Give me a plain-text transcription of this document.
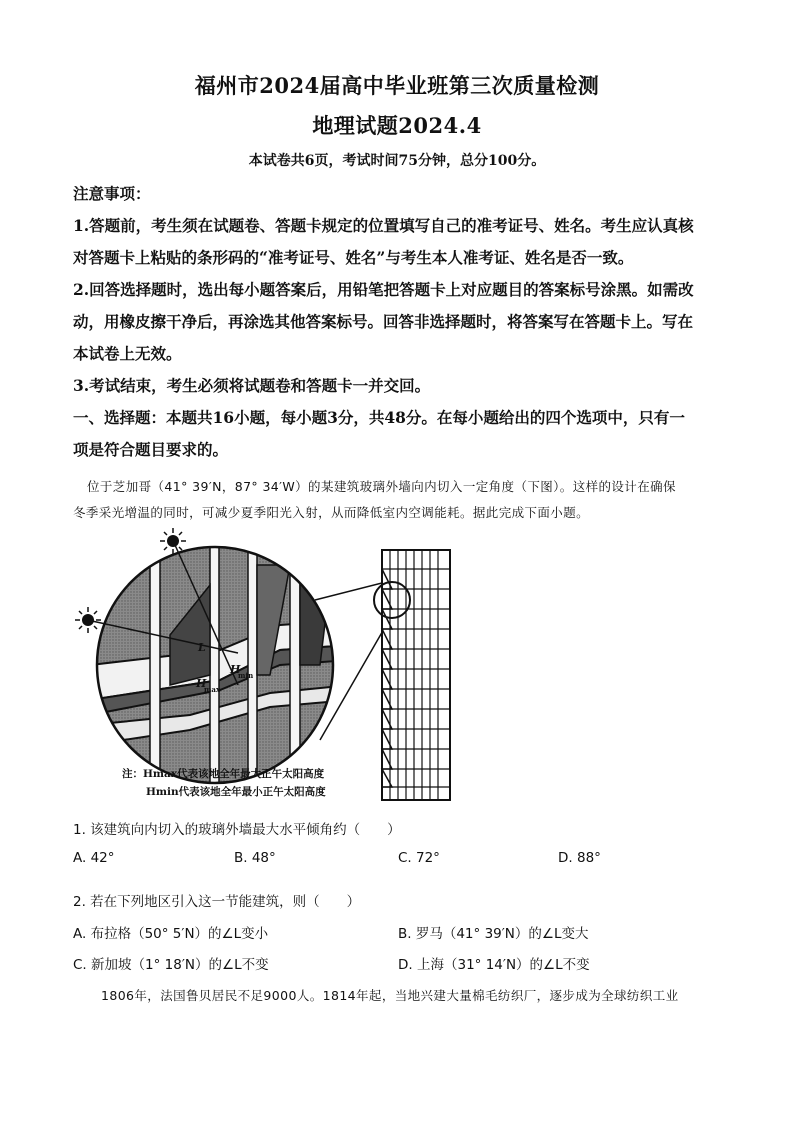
福州市2024届高中毕业班第三次质量检测
地理试题2024.4
本试卷共6页，考试时间75分钟，总分100分。
注意事项：
1.答题前，考生须在试题卷、答题卡规定的位置填写自己的准考证号、姓名。考生应认真核
对答题卡上粘贴的条形码的“准考证号、姓名”与考生本人准考证、姓名是否一致。
2.回答选择题时，选出每小题答案后，用铅笔把答题卡上对应题目的答案标号涂黑。如需改
动，用橡皮擦干净后，再涂选其他答案标号。回答非选择题时，将答案写在答题卡上。写在
本试卷上无效。
3.考试结束，考生必须将试题卷和答题卡一并交回。
一、选择题：本题共16小题，每小题3分，共48分。在每小题给出的四个选项中，只有一
项是符合题目要求的。
位于芝加哥（41° 39′N，87° 34′W）的某建筑玻璃外墙向内切入一定角度（下图）。这样的设计在确保
冬季采光增温的同时，可减少夏季阳光入射，从而降低室内空调能耗。据此完成下面小题。
L
H
min
H
max
注：Hmax代表该地全年最大正午太阳高度
Hmin代表该地全年最小正午太阳高度
1. 该建筑向内切入的玻璃外墙最大水平倾角约（　　）
A. 42°	B. 48°	C. 72°	D. 88°
2. 若在下列地区引入这一节能建筑，则（　　）
A. 布拉格（50° 5′N）的∠L变小	B. 罗马（41° 39′N）的∠L变大
C. 新加坡（1° 18′N）的∠L不变	D. 上海（31° 14′N）的∠L不变
1806年，法国鲁贝居民不足9000人。1814年起，当地兴建大量棉毛纺织厂，逐步成为全球纺织工业
